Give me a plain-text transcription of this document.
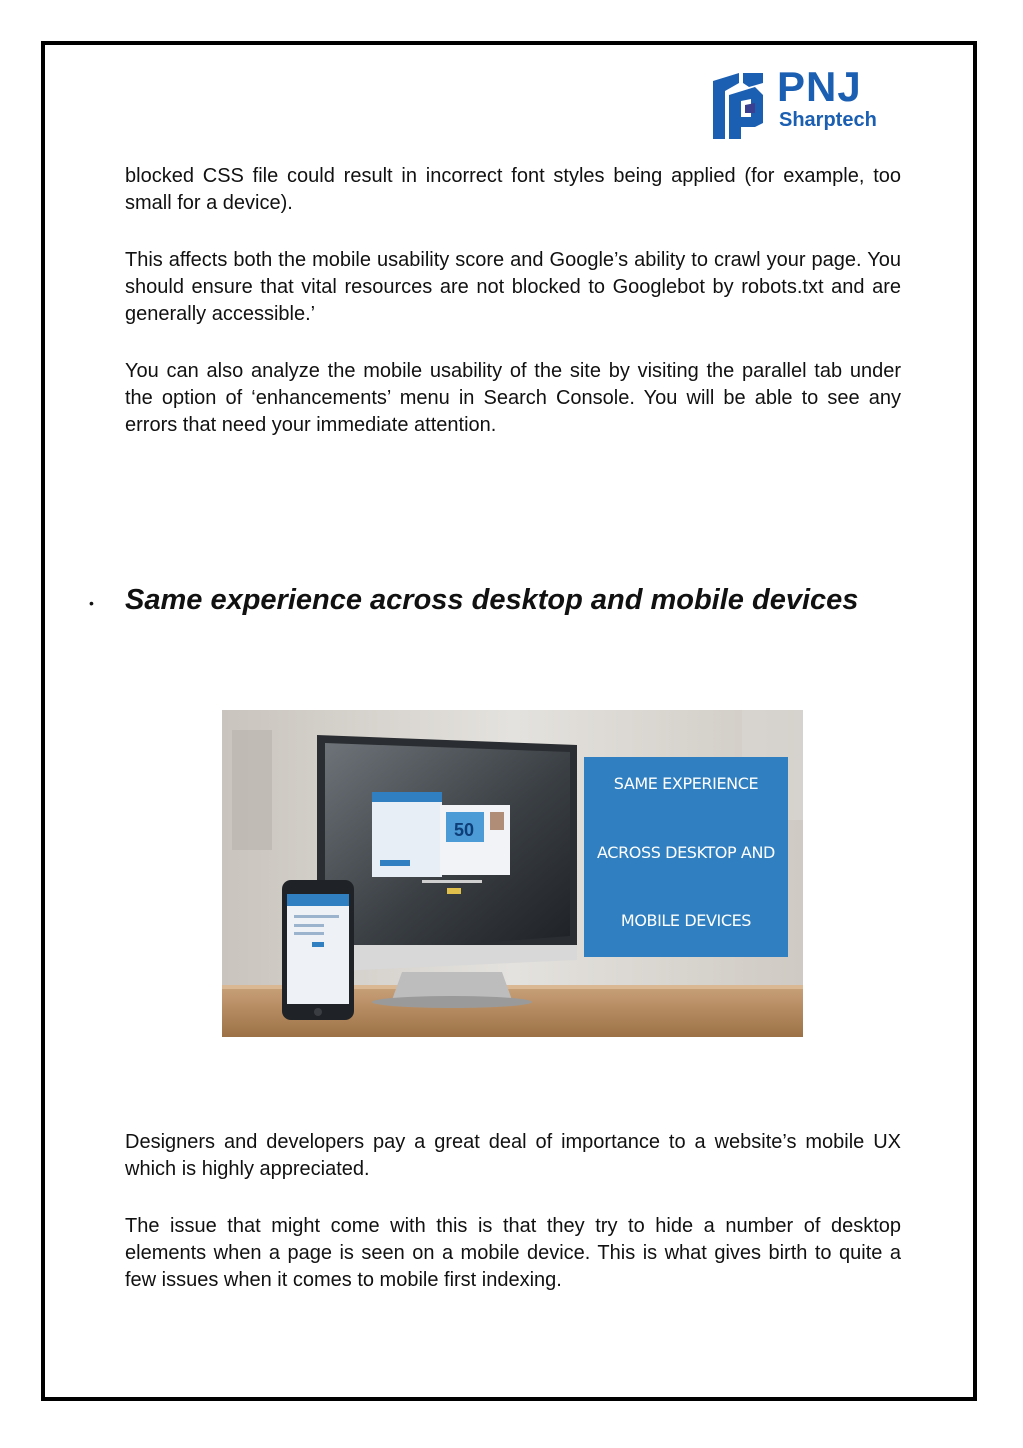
PNJ
Sharptech

blocked CSS file could result in incorrect font styles being applied (for example, too small for a device).

This affects both the mobile usability score and Google’s ability to crawl your page. You should ensure that vital resources are not blocked to Googlebot by robots.txt and are generally accessible.’

You can also analyze the mobile usability of the site by visiting the parallel tab under the option of ‘enhancements’ menu in Search Console. You will be able to see any errors that need your immediate attention.

• Same experience across desktop and mobile devices
50
SAME EXPERIENCE
ACROSS DESKTOP AND
MOBILE DEVICES

Designers and developers pay a great deal of importance to a website’s mobile UX which is highly appreciated.

The issue that might come with this is that they try to hide a number of desktop elements when a page is seen on a mobile device. This is what gives birth to quite a few issues when it comes to mobile first indexing.
